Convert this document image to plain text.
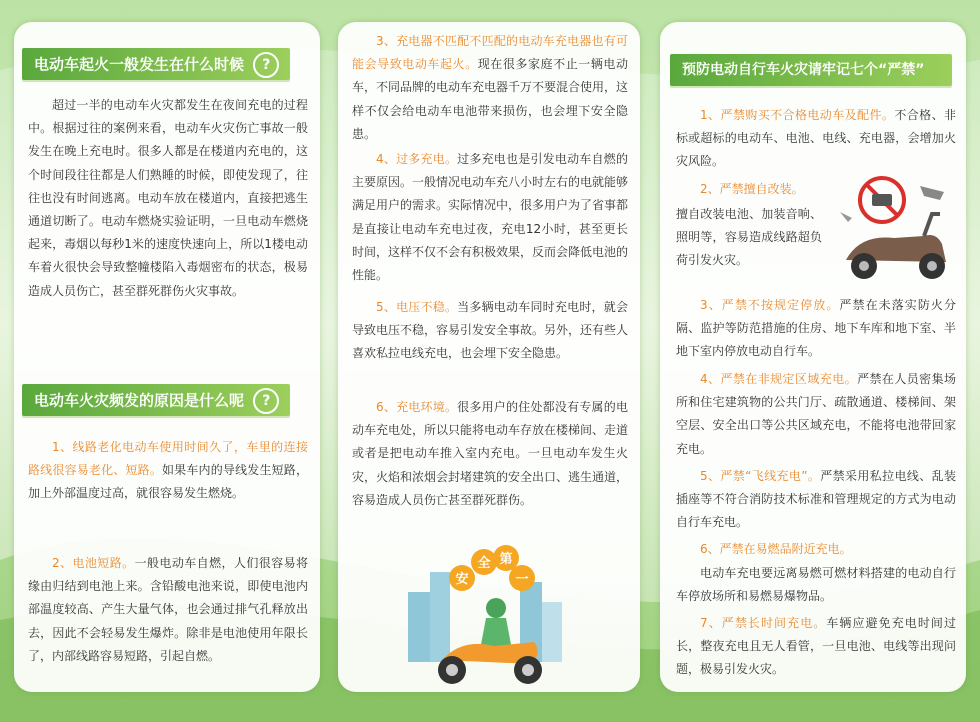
电动车起火一般发生在什么时候 ?
超过一半的电动车火灾都发生在夜间充电的过程中。根据过往的案例来看，电动车火灾伤亡事故一般发生在晚上充电时。很多人都是在楼道内充电的，这个时间段往往都是人们熟睡的时候，即使发现了，往往也没有时间逃离。电动车放在楼道内，直接把逃生通道切断了。电动车燃烧实验证明，一旦电动车燃烧起来，毒烟以每秒1米的速度快速向上，所以1楼电动车着火很快会导致整幢楼陷入毒烟密布的状态，极易造成人员伤亡，甚至群死群伤火灾事故。
电动车火灾频发的原因是什么呢 ?
1、线路老化电动车使用时间久了，车里的连接路线很容易老化、短路。如果车内的导线发生短路，加上外部温度过高，就很容易发生燃烧。
2、电池短路。一般电动车自燃，人们很容易将缘由归结到电池上来。含铅酸电池来说，即使电池内部温度较高、产生大量气体，也会通过排气孔释放出去，因此不会轻易发生爆炸。除非是电池使用年限长了，内部线路容易短路，引起自燃。
3、充电器不匹配不匹配的电动车充电器也有可能会导致电动车起火。现在很多家庭不止一辆电动车，不同品牌的电动车充电器千万不要混合使用，这样不仅会给电动车电池带来损伤，也会埋下安全隐患。
4、过多充电。过多充电也是引发电动车自燃的主要原因。一般情况电动车充八小时左右的电就能够满足用户的需求。实际情况中，很多用户为了省事都是直接让电动车充电过夜，充电12小时，甚至更长时间，这样不仅不会有积极效果，反而会降低电池的性能。
5、电压不稳。当多辆电动车同时充电时，就会导致电压不稳，容易引发安全事故。另外，还有些人喜欢私拉电线充电，也会埋下安全隐患。
6、充电环境。很多用户的住处都没有专属的电动车充电处，所以只能将电动车存放在楼梯间、走道或者是把电动车推入室内充电。一旦电动车发生火灾，火焰和浓烟会封堵建筑的安全出口、逃生通道，容易造成人员伤亡甚至群死群伤。
安
全 第
一
预防电动自行车火灾请牢记七个“严禁”
1、严禁购买不合格电动车及配件。不合格、非标或超标的电动车、电池、电线、充电器，会增加火灾风险。
2、严禁擅自改装。
擅自改装电池、加装音响、照明等，容易造成线路超负荷引发火灾。
3、严禁不按规定停放。严禁在未落实防火分隔、监护等防范措施的住房、地下车库和地下室、半地下室内停放电动自行车。
4、严禁在非规定区域充电。严禁在人员密集场所和住宅建筑物的公共门厅、疏散通道、楼梯间、架空层、安全出口等公共区域充电，不能将电池带回家充电。
5、严禁“飞线充电”。严禁采用私拉电线、乱装插座等不符合消防技术标准和管理规定的方式为电动自行车充电。
6、严禁在易燃品附近充电。
电动车充电要远离易燃可燃材料搭建的电动自行车停放场所和易燃易爆物品。
7、严禁长时间充电。车辆应避免充电时间过长，整夜充电且无人看管，一旦电池、电线等出现问题，极易引发火灾。
